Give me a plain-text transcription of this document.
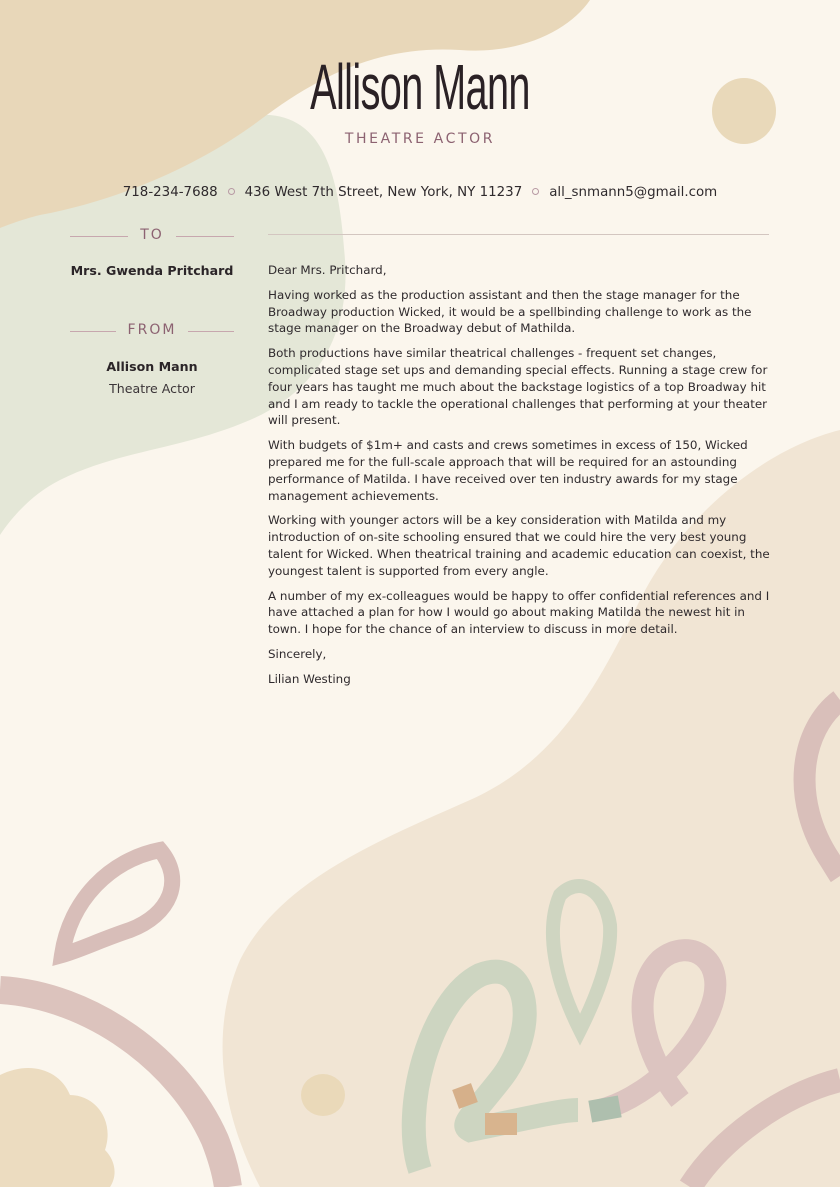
Allison Mann
THEATRE ACTOR
718-234-7688 436 West 7th Street, New York, NY 11237 all_snmann5@gmail.com
TO
Mrs. Gwenda Pritchard
FROM
Allison Mann
Theatre Actor

Dear Mrs. Pritchard,

Having worked as the production assistant and then the stage manager for the Broadway production Wicked, it would be a spellbinding challenge to work as the stage manager on the Broadway debut of Mathilda.

Both productions have similar theatrical challenges - frequent set changes, complicated stage set ups and demanding special effects. Running a stage crew for four years has taught me much about the backstage logistics of a top Broadway hit and I am ready to tackle the operational challenges that performing at your theater will present.

With budgets of $1m+ and casts and crews sometimes in excess of 150, Wicked prepared me for the full-scale approach that will be required for an astounding performance of Matilda. I have received over ten industry awards for my stage management achievements.

Working with younger actors will be a key consideration with Matilda and my introduction of on-site schooling ensured that we could hire the very best young talent for Wicked. When theatrical training and academic education can coexist, the youngest talent is supported from every angle.

A number of my ex-colleagues would be happy to offer confidential references and I have attached a plan for how I would go about making Matilda the newest hit in town. I hope for the chance of an interview to discuss in more detail.

Sincerely,

Lilian Westing
